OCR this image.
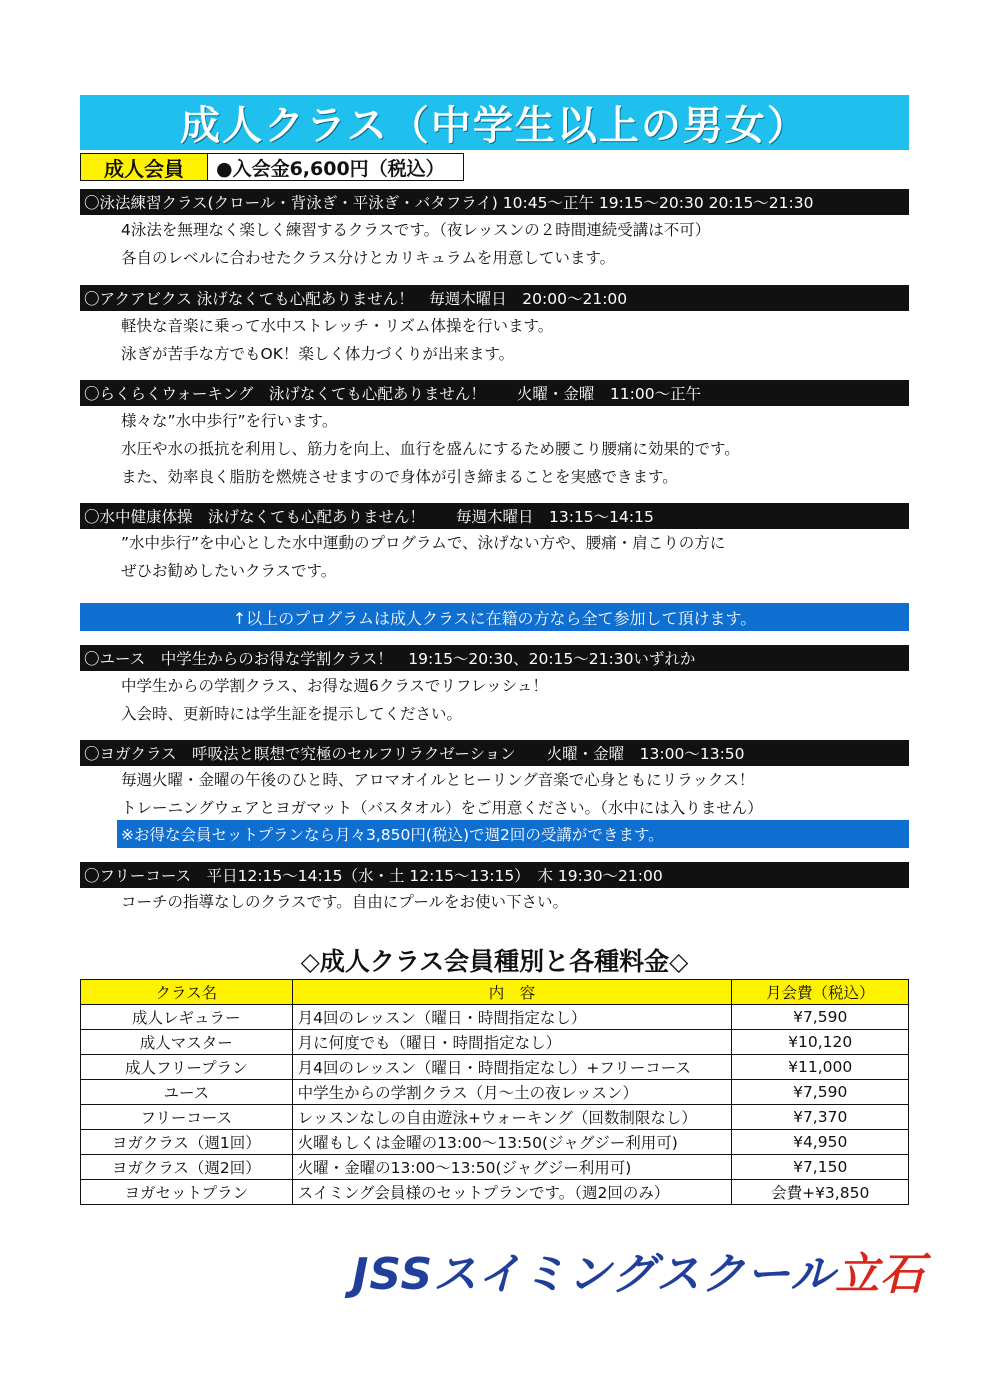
成人クラス（中学生以上の男女）
成人会員	●入会金6,600円（税込）
〇泳法練習クラス(クロール・背泳ぎ・平泳ぎ・バタフライ) 10:45～正午 19:15～20:30 20:15～21:30
4泳法を無理なく楽しく練習するクラスです。（夜レッスンの２時間連続受講は不可）
各自のレベルに合わせたクラス分けとカリキュラムを用意しています。
〇アクアビクス 泳げなくても心配ありません！　毎週木曜日　20:00～21:00
軽快な音楽に乗って水中ストレッチ・リズム体操を行います。
泳ぎが苦手な方でもOK！楽しく体力づくりが出来ます。
〇らくらくウォーキング　泳げなくても心配ありません！　　火曜・金曜　11:00～正午
様々な”水中歩行”を行います。
水圧や水の抵抗を利用し、筋力を向上、血行を盛んにするため腰こり腰痛に効果的です。
また、効率良く脂肪を燃焼させますので身体が引き締まることを実感できます。
〇水中健康体操　泳げなくても心配ありません！　　毎週木曜日　13:15～14:15
”水中歩行”を中心とした水中運動のプログラムで、泳げない方や、腰痛・肩こりの方に
ぜひお勧めしたいクラスです。
↑以上のプログラムは成人クラスに在籍の方なら全て参加して頂けます。
〇ユース　中学生からのお得な学割クラス！　19:15～20:30、20:15～21:30いずれか
中学生からの学割クラス、お得な週6クラスでリフレッシュ！
入会時、更新時には学生証を提示してください。
〇ヨガクラス　呼吸法と瞑想で究極のセルフリラクゼーション　　火曜・金曜　13:00～13:50
毎週火曜・金曜の午後のひと時、アロマオイルとヒーリング音楽で心身ともにリラックス！
トレーニングウェアとヨガマット（バスタオル）をご用意ください。（水中には入りません）
※お得な会員セットプランなら月々3,850円(税込)で週2回の受講ができます。
〇フリーコース　平日12:15～14:15（水・土 12:15～13:15）　木 19:30～21:00
コーチの指導なしのクラスです。自由にプールをお使い下さい。
◇成人クラス会員種別と各種料金◇
クラス名	内　容	月会費（税込）
成人レギュラー	月4回のレッスン（曜日・時間指定なし）	¥7,590
成人マスター	月に何度でも（曜日・時間指定なし）	¥10,120
成人フリープラン	月4回のレッスン（曜日・時間指定なし）+フリーコース	¥11,000
ユース	中学生からの学割クラス（月～土の夜レッスン）	¥7,590
フリーコース	レッスンなしの自由遊泳+ウォーキング（回数制限なし）	¥7,370
ヨガクラス（週1回）	火曜もしくは金曜の13:00～13:50(ジャグジー利用可)	¥4,950
ヨガクラス（週2回）	火曜・金曜の13:00～13:50(ジャグジー利用可)	¥7,150
ヨガセットプラン	スイミング会員様のセットプランです。（週2回のみ）	会費+¥3,850
JSSスイミングスクール立石
